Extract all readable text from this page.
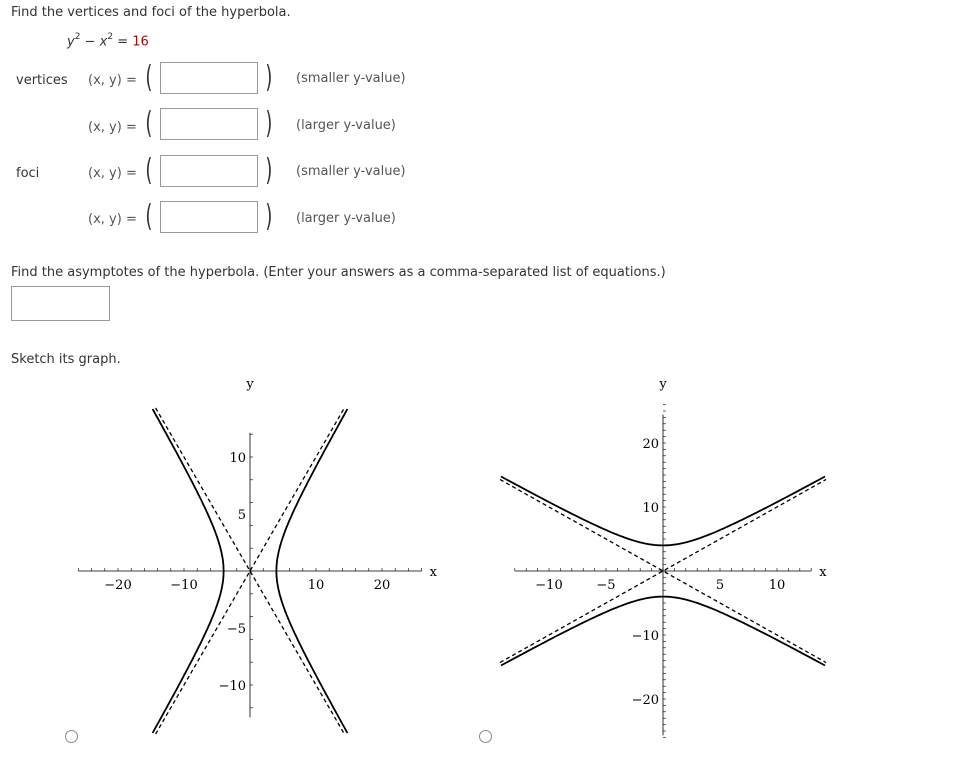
Find the vertices and foci of the hyperbola.
$y^2 - x^2 = 16$
vertices (x, y) = (	) (smaller y-value)
(x, y) = (	) (larger y-value)
foci	(x, y) = (	) (smaller y-value)
(x, y) = (	) (larger y-value)
Find the asymptotes of the hyperbola. (Enter your answers as a comma-separated list of equations.)
Sketch its graph.
−20	−10	10	20
10
5
−5
−10
x
y
−10	−5	5	10
20
10
−10
−20
x
y
